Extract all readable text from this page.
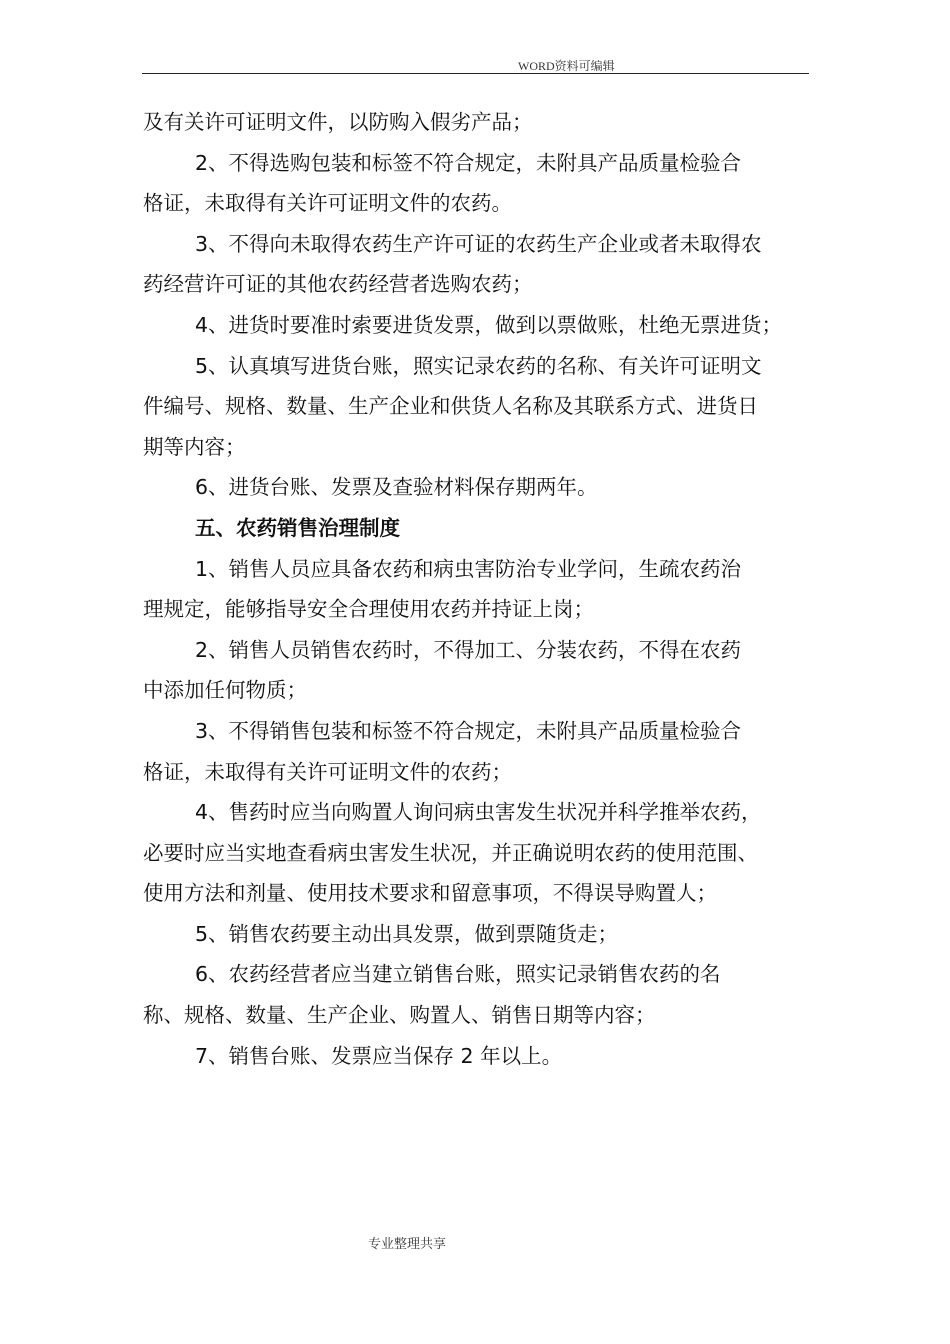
WORD资料可编辑

及有关许可证明文件，以防购入假劣产品；

2、不得选购包装和标签不符合规定，未附具产品质量检验合

格证，未取得有关许可证明文件的农药。

3、不得向未取得农药生产许可证的农药生产企业或者未取得农

药经营许可证的其他农药经营者选购农药；

4、进货时要准时索要进货发票，做到以票做账，杜绝无票进货；

5、认真填写进货台账，照实记录农药的名称、有关许可证明文

件编号、规格、数量、生产企业和供货人名称及其联系方式、进货日

期等内容；

6、进货台账、发票及查验材料保存期两年。

五、农药销售治理制度

1、销售人员应具备农药和病虫害防治专业学问，生疏农药治

理规定，能够指导安全合理使用农药并持证上岗；

2、销售人员销售农药时，不得加工、分装农药，不得在农药

中添加任何物质；

3、不得销售包装和标签不符合规定，未附具产品质量检验合

格证，未取得有关许可证明文件的农药；

4、售药时应当向购置人询问病虫害发生状况并科学推举农药，

必要时应当实地查看病虫害发生状况，并正确说明农药的使用范围、

使用方法和剂量、使用技术要求和留意事项，不得误导购置人；

5、销售农药要主动出具发票，做到票随货走；

6、农药经营者应当建立销售台账，照实记录销售农药的名

称、规格、数量、生产企业、购置人、销售日期等内容；

7、销售台账、发票应当保存 2 年以上。

专业整理共享
